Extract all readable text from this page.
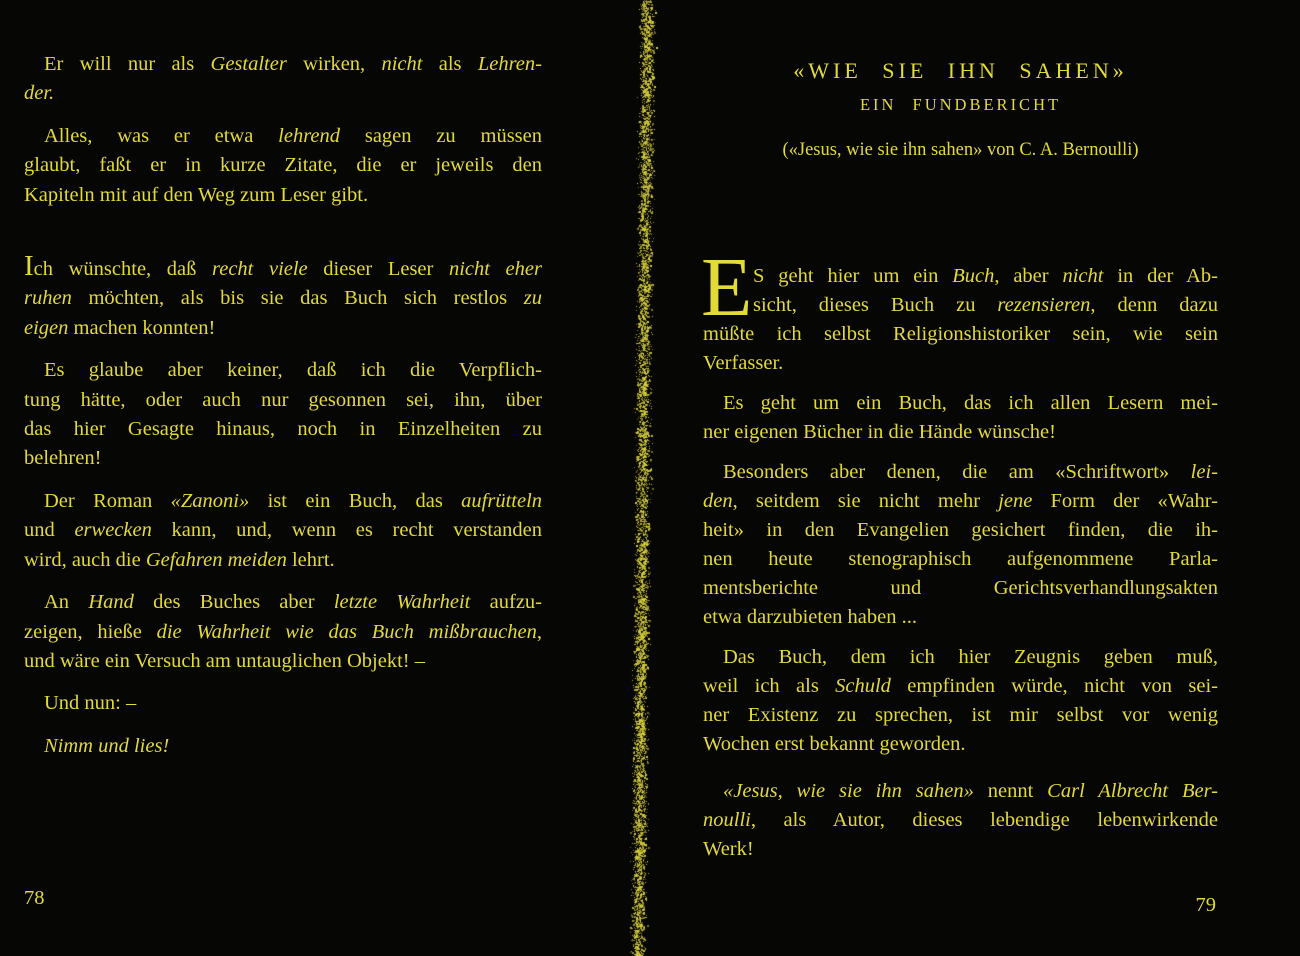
Er will nur als Gestalter wirken, nicht als Lehren-
der.
Alles, was er etwa lehrend sagen zu müssen
glaubt, faßt er in kurze Zitate, die er jeweils den
Kapiteln mit auf den Weg zum Leser gibt.
Ich wünschte, daß recht viele dieser Leser nicht eher
ruhen möchten, als bis sie das Buch sich restlos zu
eigen machen konnten!
Es glaube aber keiner, daß ich die Verpflich-
tung hätte, oder auch nur gesonnen sei, ihn, über
das hier Gesagte hinaus, noch in Einzelheiten zu
belehren!
Der Roman «Zanoni» ist ein Buch, das aufrütteln
und erwecken kann, und, wenn es recht verstanden
wird, auch die Gefahren meiden lehrt.
An Hand des Buches aber letzte Wahrheit aufzu-
zeigen, hieße die Wahrheit wie das Buch mißbrauchen,
und wäre ein Versuch am untauglichen Objekt! –
Und nun: –
Nimm und lies!
78
«WIE SIE IHN SAHEN»
EIN FUNDBERICHT
(«Jesus, wie sie ihn sahen» von C. A. Bernoulli)
E S geht hier um ein Buch, aber nicht in der Ab-
sicht, dieses Buch zu rezensieren, denn dazu
müßte ich selbst Religionshistoriker sein, wie sein
Verfasser.
Es geht um ein Buch, das ich allen Lesern mei-
ner eigenen Bücher in die Hände wünsche!
Besonders aber denen, die am «Schriftwort» lei-
den, seitdem sie nicht mehr jene Form der «Wahr-
heit» in den Evangelien gesichert finden, die ih-
nen heute stenographisch aufgenommene Parla-
mentsberichte und Gerichtsverhandlungsakten
etwa darzubieten haben ...
Das Buch, dem ich hier Zeugnis geben muß,
weil ich als Schuld empfinden würde, nicht von sei-
ner Existenz zu sprechen, ist mir selbst vor wenig
Wochen erst bekannt geworden.
«Jesus, wie sie ihn sahen» nennt Carl Albrecht Ber-
noulli, als Autor, dieses lebendige lebenwirkende
Werk!
79
